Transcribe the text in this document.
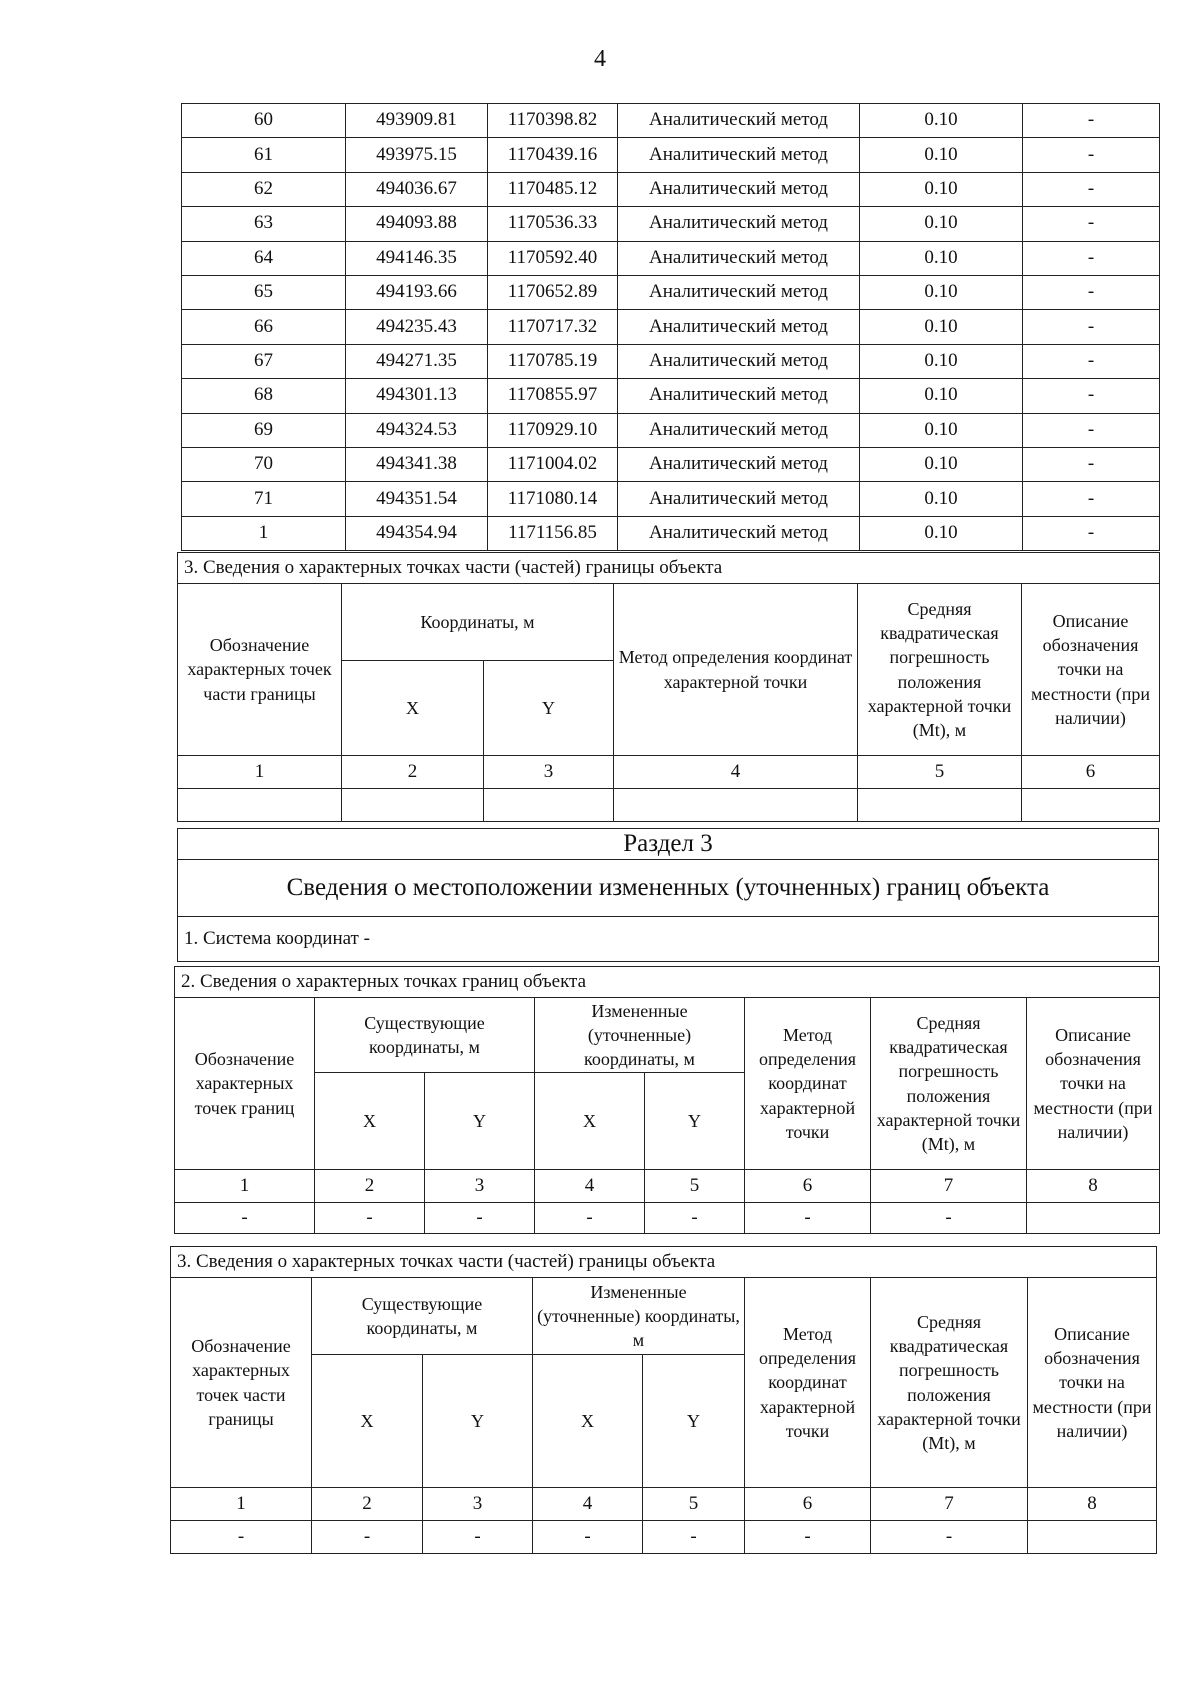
4
60	493909.81	1170398.82	Аналитический метод	0.10	-
61	493975.15	1170439.16	Аналитический метод	0.10	-
62	494036.67	1170485.12	Аналитический метод	0.10	-
63	494093.88	1170536.33	Аналитический метод	0.10	-
64	494146.35	1170592.40	Аналитический метод	0.10	-
65	494193.66	1170652.89	Аналитический метод	0.10	-
66	494235.43	1170717.32	Аналитический метод	0.10	-
67	494271.35	1170785.19	Аналитический метод	0.10	-
68	494301.13	1170855.97	Аналитический метод	0.10	-
69	494324.53	1170929.10	Аналитический метод	0.10	-
70	494341.38	1171004.02	Аналитический метод	0.10	-
71	494351.54	1171080.14	Аналитический метод	0.10	-
1	494354.94	1171156.85	Аналитический метод	0.10	-
3. Сведения о характерных точках части (частей) границы объекта					
Обозначение характерных точек части границы	Координаты, м		Метод определения координат характерной точки	Средняя квадратическая погрешность положения характерной точки (Mt), м	Описание обозначения точки на местности (при наличии)
	X	Y			
1	2	3	4	5	6

Раздел 3
Сведения о местоположении измененных (уточненных) границ объекта
1. Система координат -
2. Сведения о характерных точках границ объекта							
Обозначение характерных точек границ	Существующие координаты, м		Измененные (уточненные) координаты, м		Метод определения координат характерной точки	Средняя квадратическая погрешность положения характерной точки (Mt), м	Описание обозначения точки на местности (при наличии)
	X	Y	X	Y			
1	2	3	4	5	6	7	8
-	-	-	-	-	-	-	
3. Сведения о характерных точках части (частей) границы объекта							
Обозначение характерных точек части границы	Существующие координаты, м		Измененные (уточненные) координаты, м		Метод определения координат характерной точки	Средняя квадратическая погрешность положения характерной точки (Mt), м	Описание обозначения точки на местности (при наличии)
	X	Y	X	Y			
1	2	3	4	5	6	7	8
-	-	-	-	-	-	-	
